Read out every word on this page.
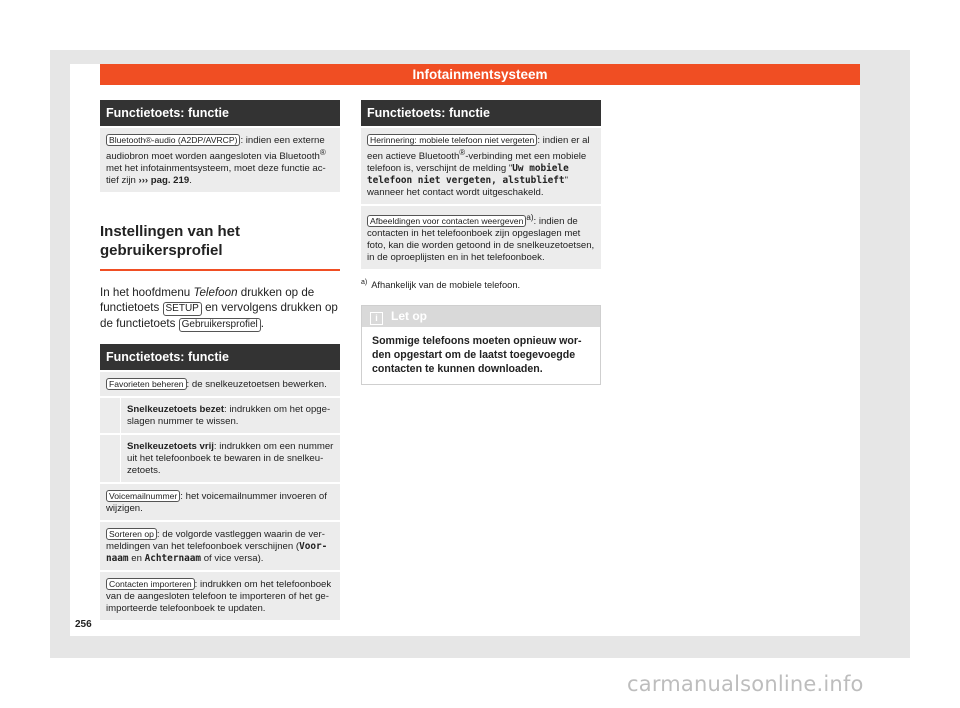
Infotainmentsysteem
Functietoets: functie
Bluetooth®-audio (A2DP/AVRCP) : indien een externe audiobron moet worden aangesloten via Bluetooth® met het infotainmentsysteem, moet deze functie actief zijn ››› pag. 219.
Instellingen van het gebruikersprofiel
In het hoofdmenu Telefoon drukken op de functietoets SETUP en vervolgens drukken op de functietoets Gebruikersprofiel .
Functietoets: functie
Favorieten beheren : de snelkeuzetoetsen bewerken.
Snelkeuzetoets bezet: indrukken om het opgeslagen nummer te wissen.
Snelkeuzetoets vrij: indrukken om een nummer uit het telefoonboek te bewaren in de snelkeuzetoets.
Voicemailnummer : het voicemailnummer invoeren of wijzigen.
Sorteren op : de volgorde vastleggen waarin de vermeldingen van het telefoonboek verschijnen (Voornaam en Achternaam of vice versa).
Contacten importeren : indrukken om het telefoonboek van de aangesloten telefoon te importeren of het geimporteerde telefoonboek te updaten.
Functietoets: functie
Herinnering: mobiele telefoon niet vergeten : indien er al een actieve Bluetooth®-verbinding met een mobiele telefoon is, verschijnt de melding "Uw mobiele telefoon niet vergeten, alstublieft" wanneer het contact wordt uitgeschakeld.
Afbeeldingen voor contacten weergeven $^{a)}$: indien de contacten in het telefoonboek zijn opgeslagen met foto, kan die worden getoond in de snelkeuzetoetsen, in de oproeplijsten en in het telefoonboek.
$^{a)}$ Afhankelijk van de mobiele telefoon.
i Let op
Sommige telefoons moeten opnieuw worden opgestart om de laatst toegevoegde contacten te kunnen downloaden.
256
carmanualsonline.info
